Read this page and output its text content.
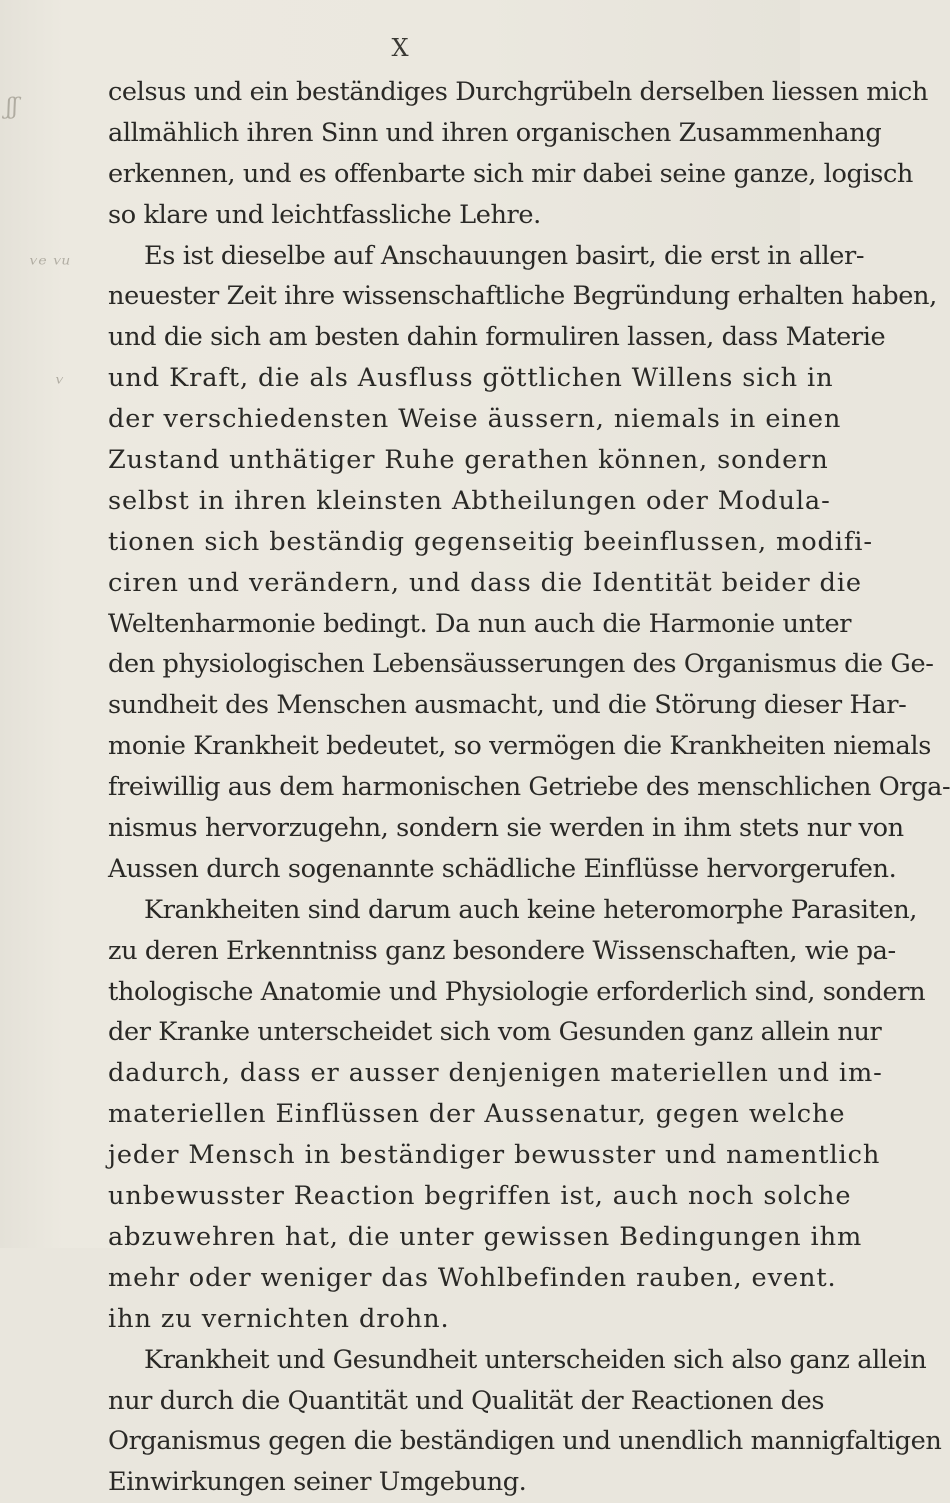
X
ʃʃ
ᵛᵉ ᵛᵘ
ᵛ
celsus und ein beständiges Durchgrübeln derselben liessen mich
allmählich ihren Sinn und ihren organischen Zusammenhang
erkennen, und es offenbarte sich mir dabei seine ganze, logisch
so klare und leichtfassliche Lehre.
Es ist dieselbe auf Anschauungen basirt, die erst in aller-
neuester Zeit ihre wissenschaftliche Begründung erhalten haben,
und die sich am besten dahin formuliren lassen, dass Materie
und Kraft, die als Ausfluss göttlichen Willens sich in
der verschiedensten Weise äussern, niemals in einen
Zustand unthätiger Ruhe gerathen können, sondern
selbst in ihren kleinsten Abtheilungen oder Modula-
tionen sich beständig gegenseitig beeinflussen, modifi-
ciren und verändern, und dass die Identität beider die
Weltenharmonie bedingt. Da nun auch die Harmonie unter
den physiologischen Lebensäusserungen des Organismus die Ge-
sundheit des Menschen ausmacht, und die Störung dieser Har-
monie Krankheit bedeutet, so vermögen die Krankheiten niemals
freiwillig aus dem harmonischen Getriebe des menschlichen Orga-
nismus hervorzugehn, sondern sie werden in ihm stets nur von
Aussen durch sogenannte schädliche Einflüsse hervorgerufen.
Krankheiten sind darum auch keine heteromorphe Parasiten,
zu deren Erkenntniss ganz besondere Wissenschaften, wie pa-
thologische Anatomie und Physiologie erforderlich sind, sondern
der Kranke unterscheidet sich vom Gesunden ganz allein nur
dadurch, dass er ausser denjenigen materiellen und im-
materiellen Einflüssen der Aussenatur, gegen welche
jeder Mensch in beständiger bewusster und namentlich
unbewusster Reaction begriffen ist, auch noch solche
abzuwehren hat, die unter gewissen Bedingungen ihm
mehr oder weniger das Wohlbefinden rauben, event.
ihn zu vernichten drohn.
Krankheit und Gesundheit unterscheiden sich also ganz allein
nur durch die Quantität und Qualität der Reactionen des
Organismus gegen die beständigen und unendlich mannigfaltigen
Einwirkungen seiner Umgebung.
